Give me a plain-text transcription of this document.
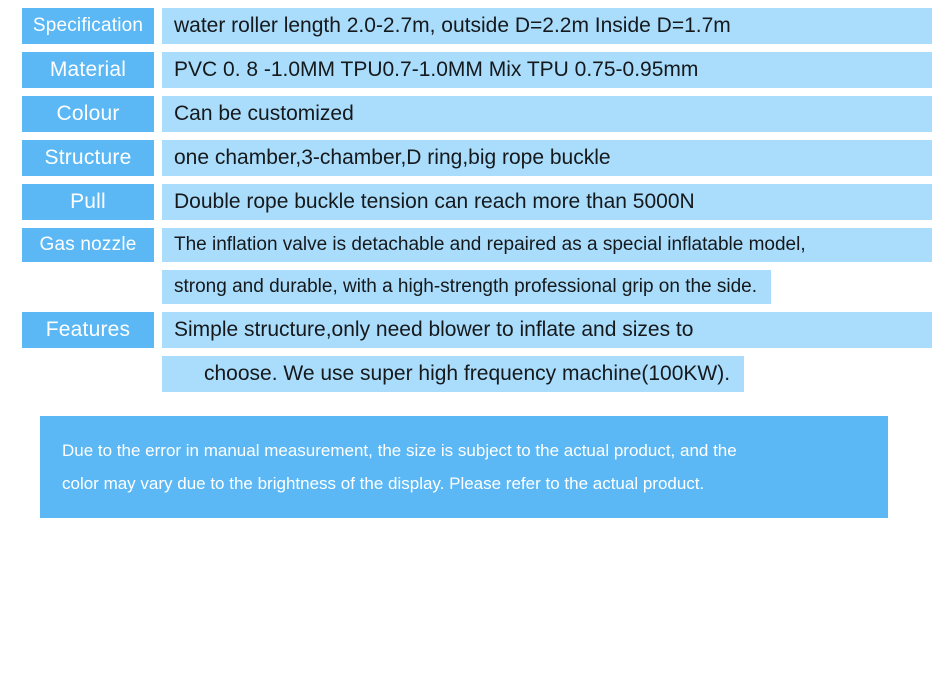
Specification	water roller length 2.0-2.7m, outside D=2.2m Inside D=1.7m
Material	PVC 0. 8 -1.0MM TPU0.7-1.0MM Mix TPU 0.75-0.95mm
Colour	Can be customized
Structure	one chamber,3-chamber,D ring,big rope buckle
Pull	Double rope buckle tension can reach more than 5000N
Gas nozzle	The inflation valve is detachable and repaired as a special inflatable model,
strong and durable, with a high-strength professional grip on the side.
Features	Simple structure,only need blower to inflate and sizes to
choose. We use super high frequency machine(100KW).

Due to the error in manual measurement, the size is subject to the actual product, and the

color may vary due to the brightness of the display. Please refer to the actual product.
